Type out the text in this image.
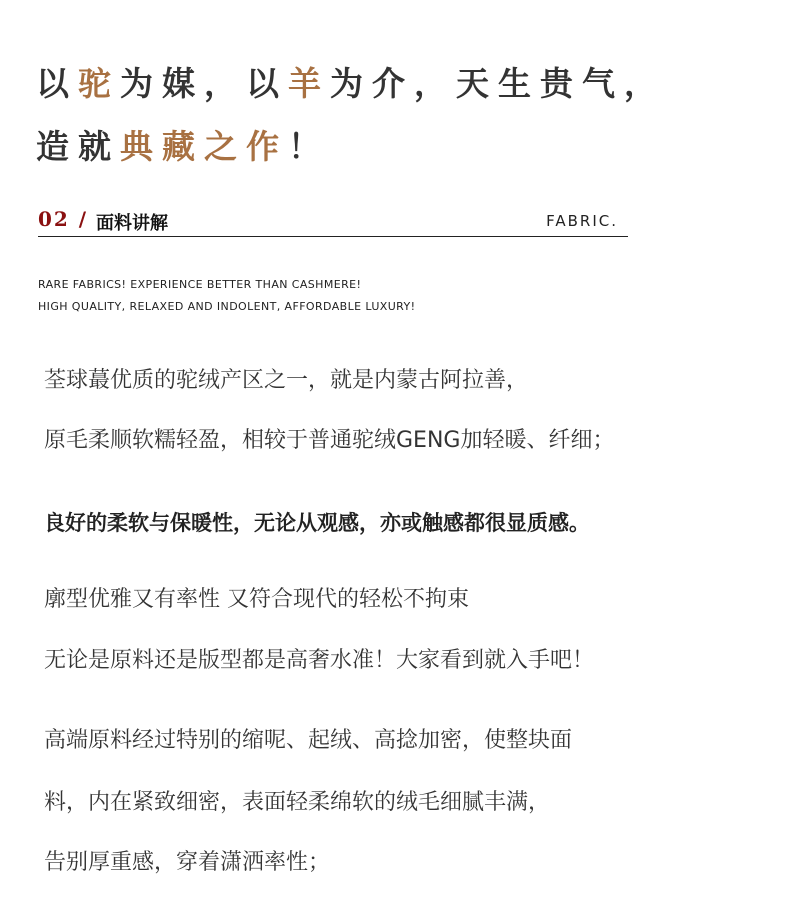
以驼为媒，以羊为介，天生贵气，
造就典藏之作！
02 / 面料讲解	FABRIC.
RARE FABRICS! EXPERIENCE BETTER THAN CASHMERE!
HIGH QUALITY, RELAXED AND INDOLENT, AFFORDABLE LUXURY!
荃球蕞优质的驼绒产区之一，就是内蒙古阿拉善，
原毛柔顺软糯轻盈，相较于普通驼绒GENG加轻暖、纤细；
良好的柔软与保暖性，无论从观感，亦或触感都很显质感。
廓型优雅又有率性 又符合现代的轻松不拘束
无论是原料还是版型都是高奢水准！大家看到就入手吧！
高端原料经过特别的缩呢、起绒、高捻加密，使整块面
料，内在紧致细密，表面轻柔绵软的绒毛细腻丰满，
告别厚重感，穿着潇洒率性；
